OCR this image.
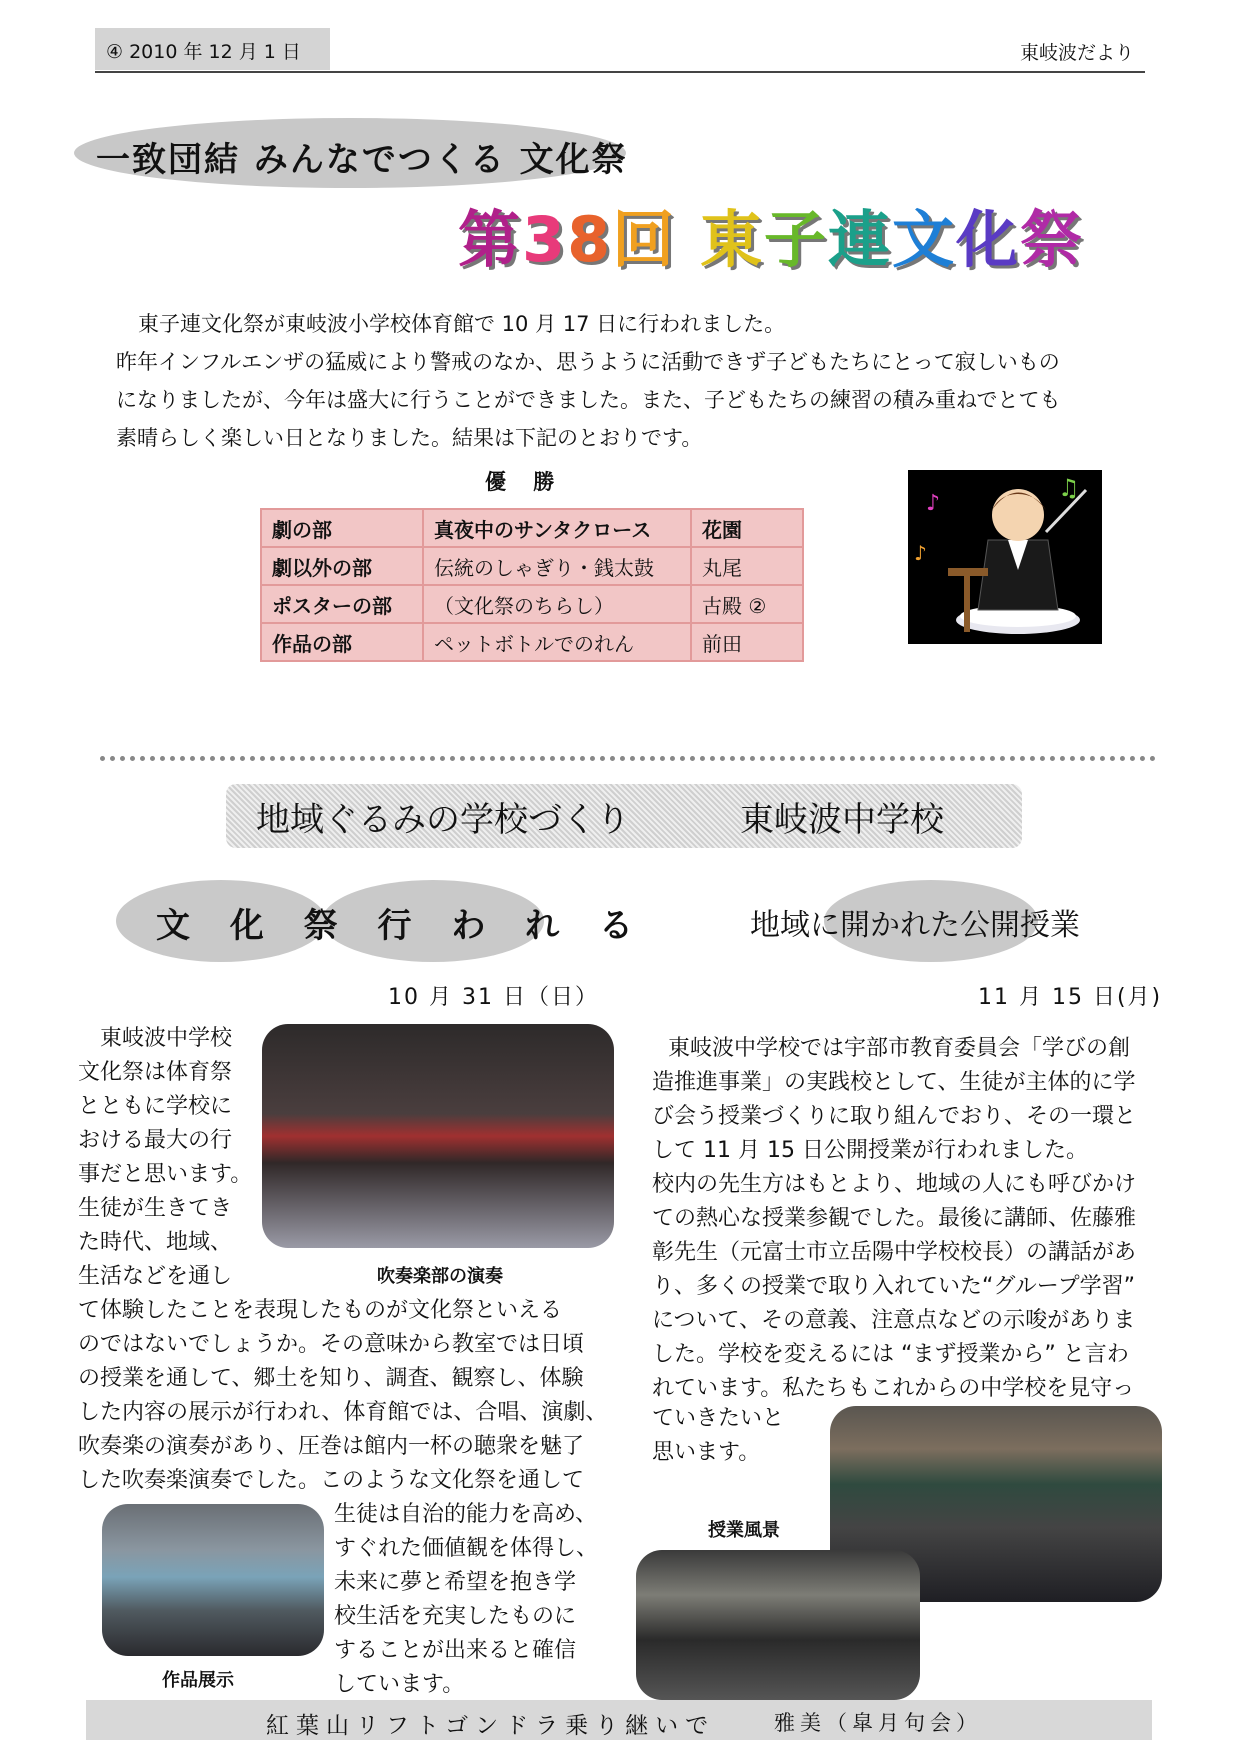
④ 2010 年 12 月 1 日	東岐波だより
一致団結 みんなでつくる 文化祭
第38回 東子連文化祭
東子連文化祭が東岐波小学校体育館で 10 月 17 日に行われました。
昨年インフルエンザの猛威により警戒のなか、思うように活動できず子どもたちにとって寂しいもの
になりましたが、今年は盛大に行うことができました。また、子どもたちの練習の積み重ねでとても
素晴らしく楽しい日となりました。結果は下記のとおりです。
優 勝
劇の部	真夜中のサンタクロース	花園
劇以外の部	伝統のしゃぎり・銭太鼓	丸尾
ポスターの部	（文化祭のちらし）	古殿 ②
作品の部	ペットボトルでのれん	前田
♪
♫
♪
地域ぐるみの学校づくり	東岐波中学校
文 化 祭 行 わ れ る	地域に開かれた公開授業
10 月 31 日（日）	11 月 15 日(月)
吹奏楽部の演奏
作品展示
授業風景
東岐波中学校
文化祭は体育祭
とともに学校に
おける最大の行
事だと思います。
生徒が生きてき
た時代、地域、
生活などを通し
て体験したことを表現したものが文化祭といえる
のではないでしょうか。その意味から教室では日頃
の授業を通して、郷土を知り、調査、観察し、体験
した内容の展示が行われ、体育館では、合唱、演劇、
吹奏楽の演奏があり、圧巻は館内一杯の聴衆を魅了
した吹奏楽演奏でした。このような文化祭を通して
生徒は自治的能力を高め、
すぐれた価値観を体得し、
未来に夢と希望を抱き学
校生活を充実したものに
することが出来ると確信
しています。
東岐波中学校では宇部市教育委員会「学びの創
造推進事業」の実践校として、生徒が主体的に学
び会う授業づくりに取り組んでおり、その一環と
して 11 月 15 日公開授業が行われました。
校内の先生方はもとより、地域の人にも呼びかけ
ての熱心な授業参観でした。最後に講師、佐藤雅
彰先生（元富士市立岳陽中学校校長）の講話があ
り、多くの授業で取り入れていた“グループ学習”
について、その意義、注意点などの示唆がありま
した。学校を変えるには “まず授業から” と言わ
れています。私たちもこれからの中学校を見守っ
ていきたいと
思います。
紅葉山リフトゴンドラ乗り継いで	雅美（皐月句会）
